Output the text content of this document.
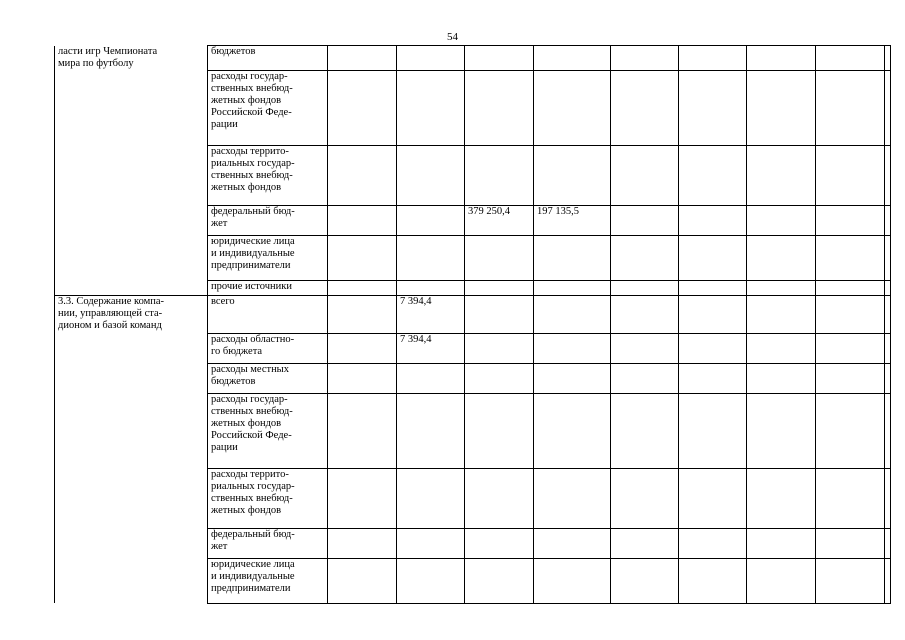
54
ласти игр Чемпионата
мира по футболу	бюджетов									
	расходы государ-
ственных внебюд-
жетных фондов
Российской Феде-
рации									
	расходы террито-
риальных государ-
ственных внебюд-
жетных фондов									
	федеральный бюд-
жет			379 250,4	197 135,5					
	юридические лица
и индивидуальные
предприниматели									
	прочие источники									
3.3. Содержание компа-
нии, управляющей ста-
дионом и базой команд	всего		7 394,4							
	расходы областно-
го бюджета		7 394,4							
	расходы местных
бюджетов									
	расходы государ-
ственных внебюд-
жетных фондов
Российской Феде-
рации									
	расходы террито-
риальных государ-
ственных внебюд-
жетных фондов									
	федеральный бюд-
жет									
	юридические лица
и индивидуальные
предприниматели									
